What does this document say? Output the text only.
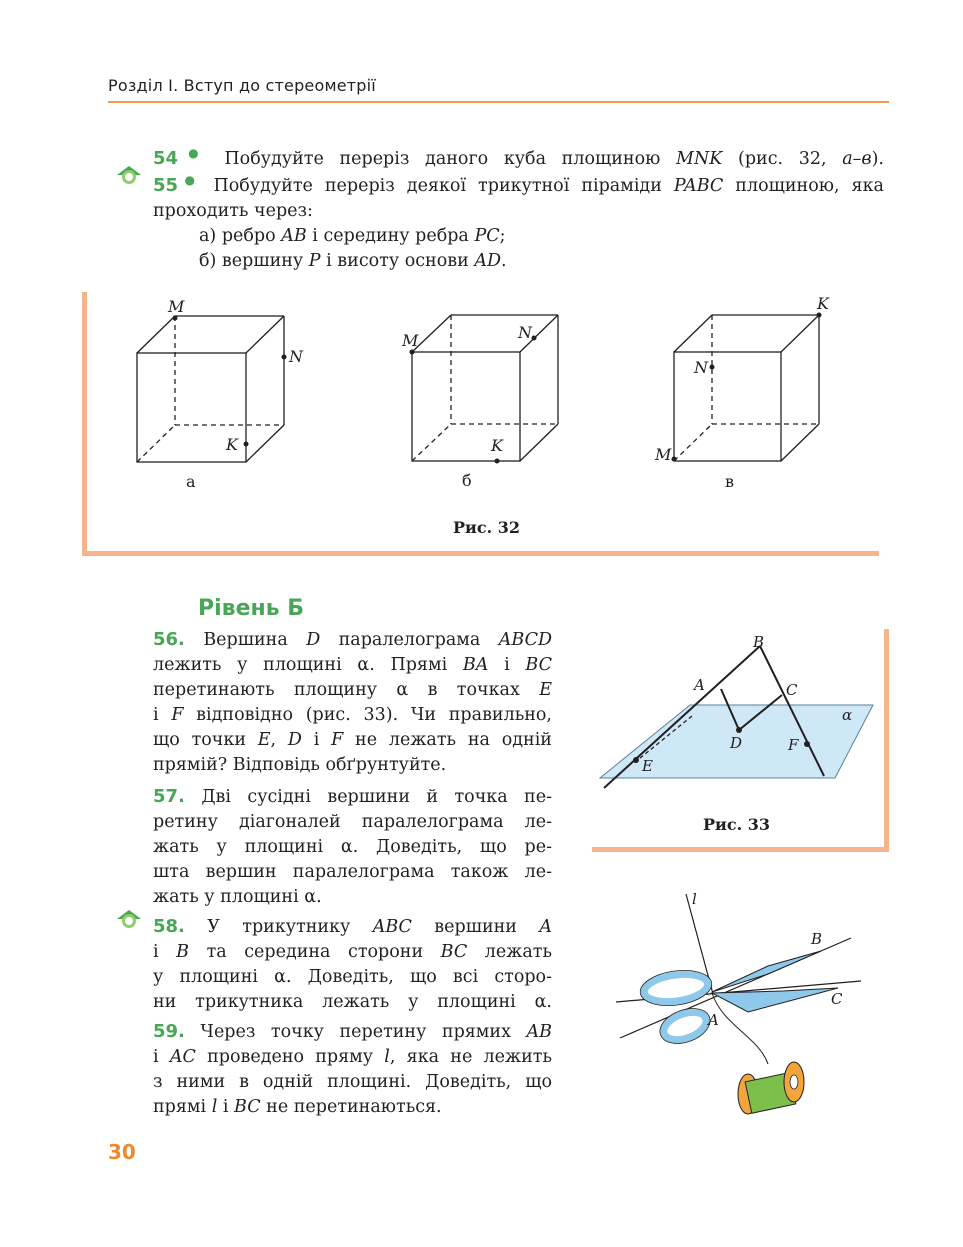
Розділ І. Вступ до стереометрії
54● Побудуйте переріз даного куба площиною MNK (рис. 32, а–в).
55● Побудуйте переріз деякої трикутної піраміди PABC площиною, яка
проходить через:
а) ребро AB і середину ребра PC;
б) вершину P і висоту основи AD.
M
N
K
M	N
K
K
N
M
а	б	в
Рис. 32
Рівень Б
56. Вершина D паралелограма ABCD
лежить у площині α. Прямі BA і BC
перетинають площину α в точках E
і F відповідно (рис. 33). Чи правильно,
що точки E, D і F не лежать на одній
прямій? Відповідь обґрунтуйте.
57. Дві сусідні вершини й точка пе-
ретину діагоналей паралелограма ле-
жать у площині α. Доведіть, що ре-
шта вершин паралелограма також ле-
жать у площині α.
58. У трикутнику ABC вершини A
і B та середина сторони BC лежать
у площині α. Доведіть, що всі сторо-
ни трикутника лежать у площині α.
59. Через точку перетину прямих AB
і AC проведено пряму l, яка не лежить
з ними в одній площині. Доведіть, що
прямі l і BC не перетинаються.
B
A	C
α
D	F
E
Рис. 33
l
B
C
A
30
